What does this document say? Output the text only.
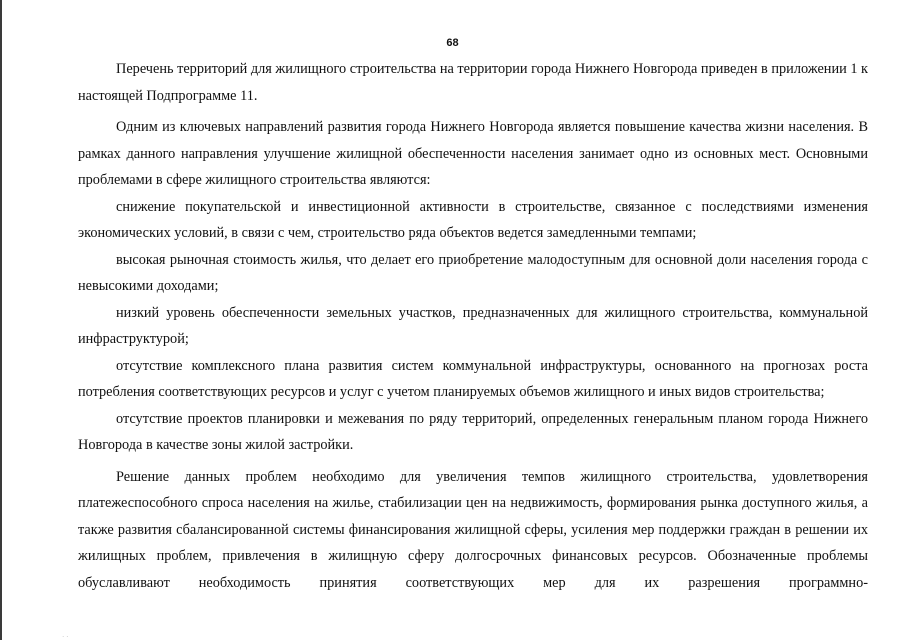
68

Перечень территорий для жилищного строительства на территории города Нижнего Новгорода приведен в приложении 1 к настоящей Подпрограмме 11.

Одним из ключевых направлений развития города Нижнего Новгорода является повышение качества жизни населения. В рамках данного направления улучшение жилищной обеспеченности населения занимает одно из основных мест. Основными проблемами в сфере жилищного строительства являются:

снижение покупательской и инвестиционной активности в строительстве, связанное с последствиями изменения экономических условий, в связи с чем, строительство ряда объектов ведется замедленными темпами;

высокая рыночная стоимость жилья, что делает его приобретение малодоступным для основной доли населения города с невысокими доходами;

низкий уровень обеспеченности земельных участков, предназначенных для жилищного строительства, коммунальной инфраструктурой;

отсутствие комплексного плана развития систем коммунальной инфраструктуры, основанного на прогнозах роста потребления соответствующих ресурсов и услуг с учетом планируемых объемов жилищного и иных видов строительства;

отсутствие проектов планировки и межевания по ряду территорий, определенных генеральным планом города Нижнего Новгорода в качестве зоны жилой застройки.

Решение данных проблем необходимо для увеличения темпов жилищного строительства, удовлетворения платежеспособного спроса населения на жилье, стабилизации цен на недвижимость, формирования рынка доступного жилья, а также развития сбалансированной системы финансирования жилищной сферы, усиления мер поддержки граждан в решении их жилищных проблем, привлечения в жилищную сферу долгосрочных финансовых ресурсов. Обозначенные проблемы обуславливают необходимость принятия соответствующих мер для их разрешения программно-

· ·
